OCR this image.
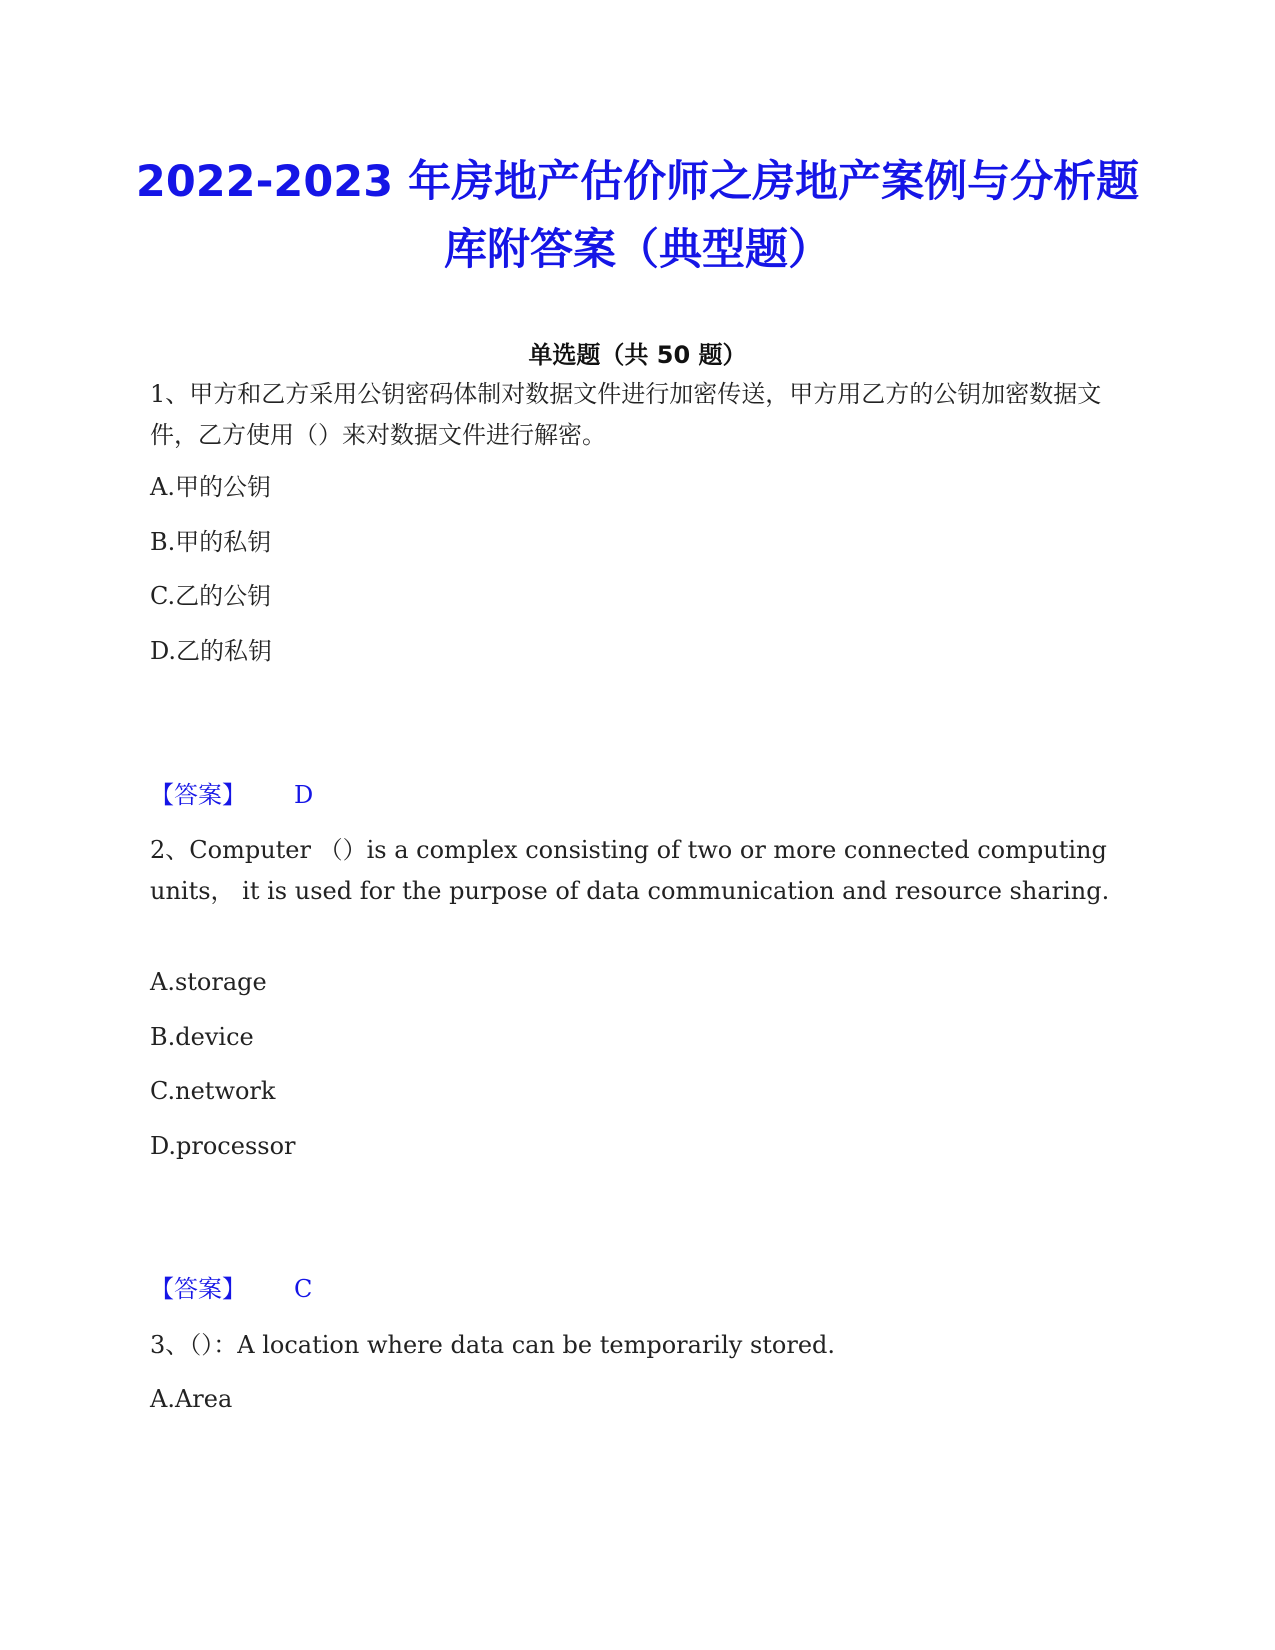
2022-2023 年房地产估价师之房地产案例与分析题库附答案（典型题）
单选题（共 50 题）
1、甲方和乙方采用公钥密码体制对数据文件进行加密传送，甲方用乙方的公钥加密数据文件，乙方使用（）来对数据文件进行解密。
A.甲的公钥
B.甲的私钥
C.乙的公钥
D.乙的私钥
【答案】 D
2、Computer （）is a complex consisting of two or more connected computing units， it is used for the purpose of data communication and resource sharing.
A.storage
B.device
C.network
D.processor
【答案】 C
3、（）：A location where data can be temporarily stored.
A.Area
